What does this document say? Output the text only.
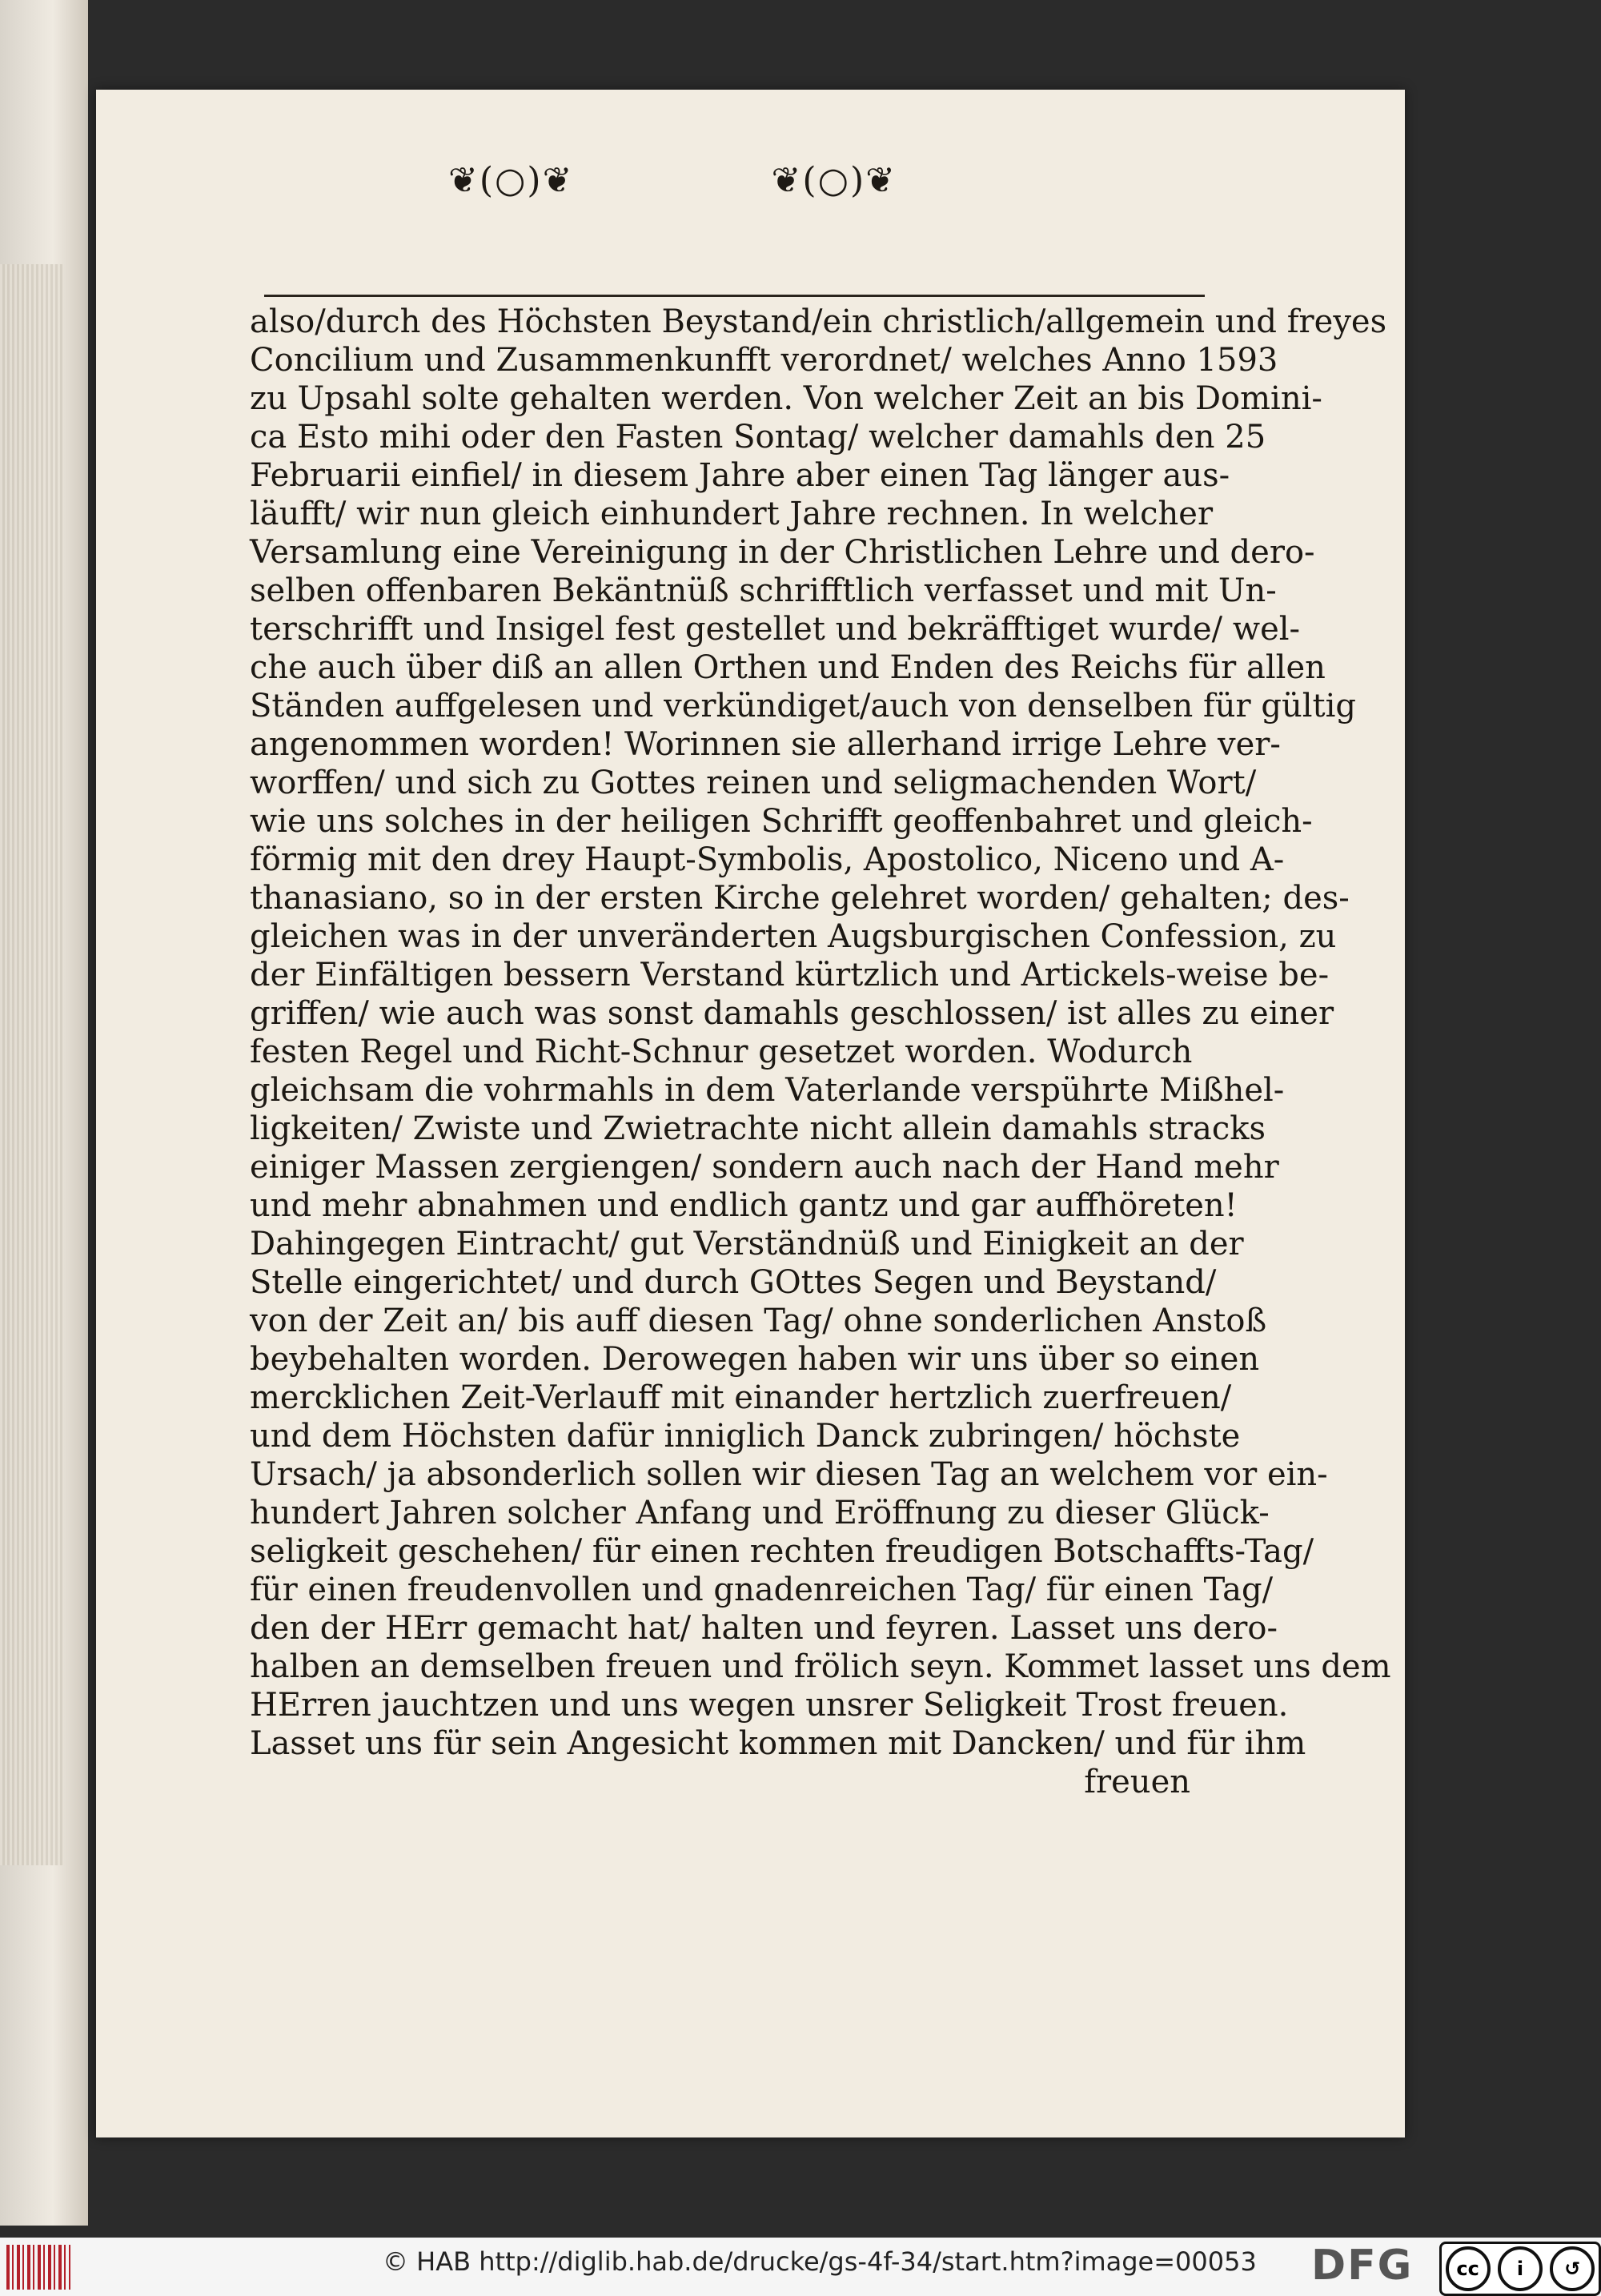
❦(○)❦	❦(○)❦
also/durch des Höchsten Beystand/ein christlich/allgemein und freyes
Concilium und Zusammenkunfft verordnet/ welches Anno 1593
zu Upsahl solte gehalten werden. Von welcher Zeit an bis Domini-
ca Esto mihi oder den Fasten Sontag/ welcher damahls den 25
Februarii einfiel/ in diesem Jahre aber einen Tag länger aus-
läufft/ wir nun gleich einhundert Jahre rechnen. In welcher
Versamlung eine Vereinigung in der Christlichen Lehre und dero-
selben offenbaren Bekäntnüß schrifftlich verfasset und mit Un-
terschrifft und Insigel fest gestellet und bekräfftiget wurde/ wel-
che auch über diß an allen Orthen und Enden des Reichs für allen
Ständen auffgelesen und verkündiget/auch von denselben für gültig
angenommen worden! Worinnen sie allerhand irrige Lehre ver-
worffen/ und sich zu Gottes reinen und seligmachenden Wort/
wie uns solches in der heiligen Schrifft geoffenbahret und gleich-
förmig mit den drey Haupt-Symbolis, Apostolico, Niceno und A-
thanasiano, so in der ersten Kirche gelehret worden/ gehalten; des-
gleichen was in der unveränderten Augsburgischen Confession, zu
der Einfältigen bessern Verstand kürtzlich und Artickels-weise be-
griffen/ wie auch was sonst damahls geschlossen/ ist alles zu einer
festen Regel und Richt-Schnur gesetzet worden. Wodurch
gleichsam die vohrmahls in dem Vaterlande verspührte Mißhel-
ligkeiten/ Zwiste und Zwietrachte nicht allein damahls stracks
einiger Massen zergiengen/ sondern auch nach der Hand mehr
und mehr abnahmen und endlich gantz und gar auffhöreten!
Dahingegen Eintracht/ gut Verständnüß und Einigkeit an der
Stelle eingerichtet/ und durch GOttes Segen und Beystand/
von der Zeit an/ bis auff diesen Tag/ ohne sonderlichen Anstoß
beybehalten worden. Derowegen haben wir uns über so einen
mercklichen Zeit-Verlauff mit einander hertzlich zuerfreuen/
und dem Höchsten dafür inniglich Danck zubringen/ höchste
Ursach/ ja absonderlich sollen wir diesen Tag an welchem vor ein-
hundert Jahren solcher Anfang und Eröffnung zu dieser Glück-
seligkeit geschehen/ für einen rechten freudigen Botschaffts-Tag/
für einen freudenvollen und gnadenreichen Tag/ für einen Tag/
den der HErr gemacht hat/ halten und feyren. Lasset uns dero-
halben an demselben freuen und frölich seyn. Kommet lasset uns dem
HErren jauchtzen und uns wegen unsrer Seligkeit Trost freuen.
Lasset uns für sein Angesicht kommen mit Dancken/ und für ihm
freuen
© HAB http://diglib.hab.de/drucke/gs-4f-34/start.htm?image=00053 DFG	cc	i	↺
